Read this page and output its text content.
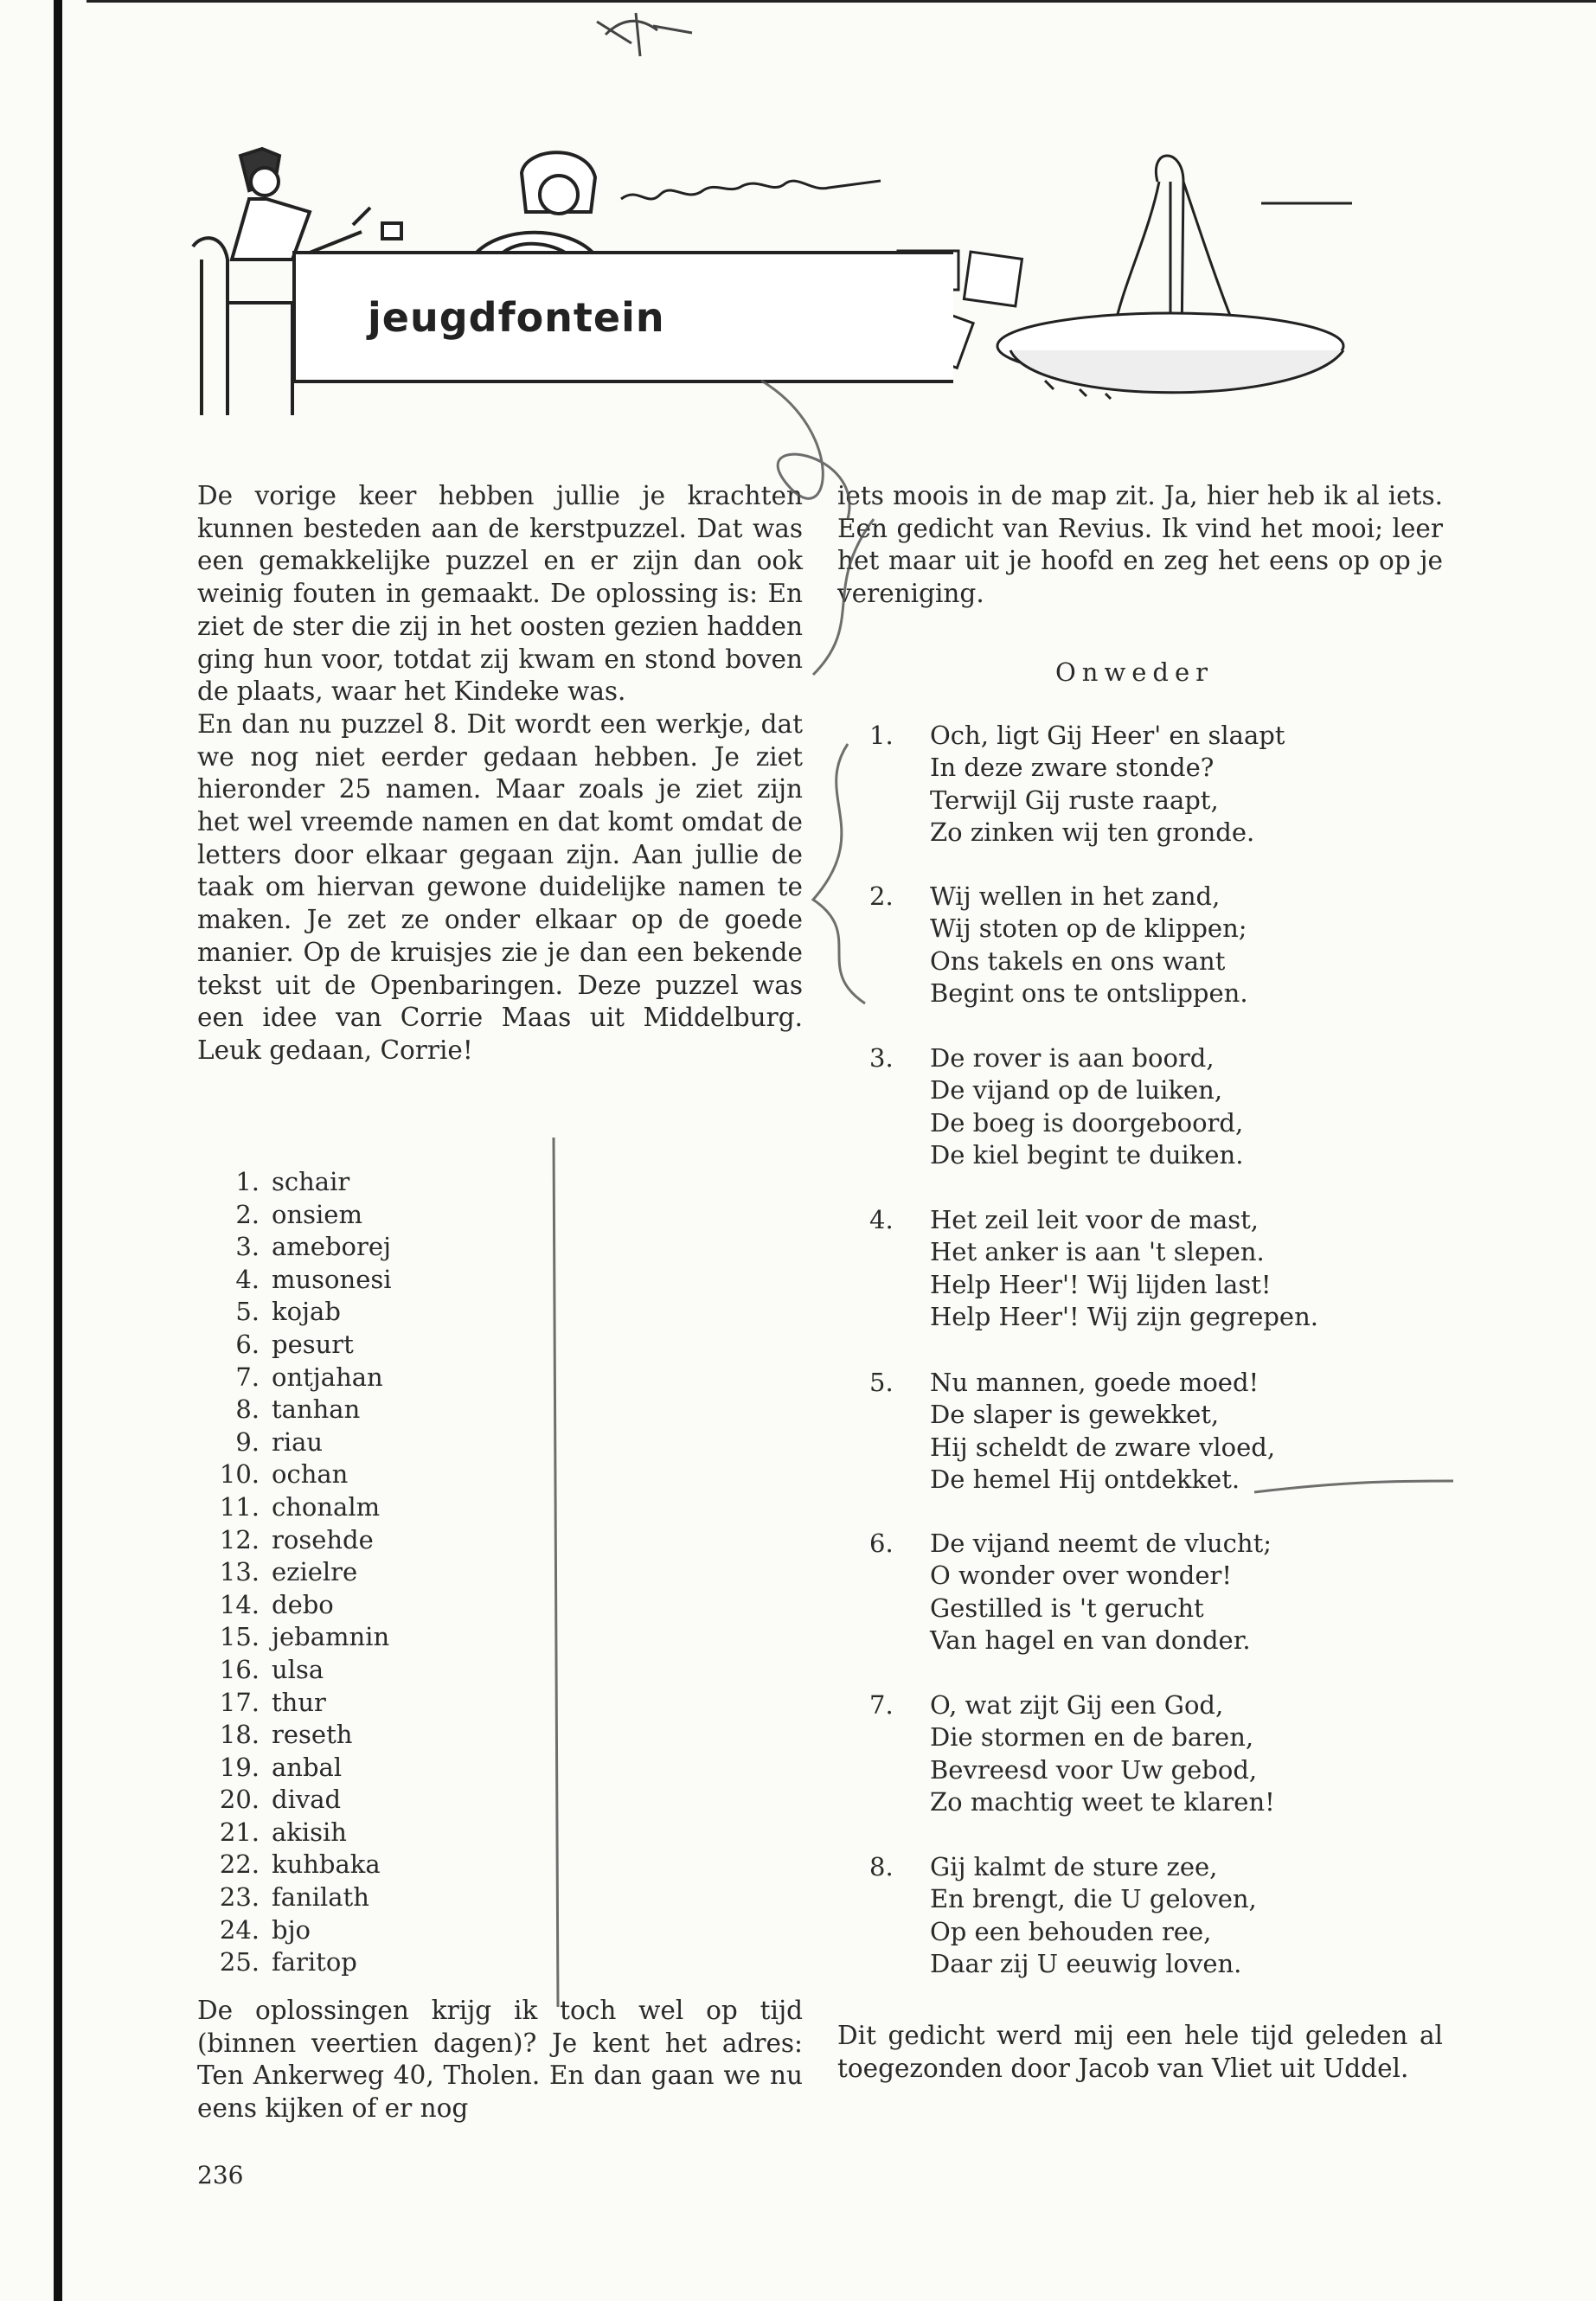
jeugdfontein

De vorige keer hebben jullie je krachten kunnen besteden aan de kerstpuzzel. Dat was een gemakkelijke puzzel en er zijn dan ook weinig fouten in gemaakt. De oplossing is: En ziet de ster die zij in het oosten gezien hadden ging hun voor, totdat zij kwam en stond boven de plaats, waar het Kindeke was.

En dan nu puzzel 8. Dit wordt een werkje, dat we nog niet eerder gedaan hebben. Je ziet hieronder 25 namen. Maar zoals je ziet zijn het wel vreemde namen en dat komt omdat de letters door elkaar gegaan zijn. Aan jullie de taak om hiervan gewone duidelijke namen te maken. Je zet ze onder elkaar op de goede manier. Op de kruisjes zie je dan een bekende tekst uit de Openbaringen. Deze puzzel was een idee van Corrie Maas uit Middelburg. Leuk gedaan, Corrie!

1. schair
2. onsiem
3. ameborej
4. musonesi
5. kojab
6. pesurt
7. ontjahan
8. tanhan
9. riau
10. ochan
11. chonalm
12. rosehde
13. ezielre
14. debo
15. jebamnin
16. ulsa
17. thur
18. reseth
19. anbal
20. divad
21. akisih
22. kuhbaka
23. fanilath
24. bjo
25. faritop
De oplossingen krijg ik toch wel op tijd (binnen veertien dagen)? Je kent het adres: Ten Ankerweg 40, Tholen. En dan gaan we nu eens kijken of er nog
236
iets moois in de map zit. Ja, hier heb ik al iets. Een gedicht van Revius. Ik vind het mooi; leer het maar uit je hoofd en zeg het eens op op je vereniging.
Onweder
1. Och, ligt Gij Heer' en slaapt
In deze zware stonde?
Terwijl Gij ruste raapt,
Zo zinken wij ten gronde.
2. Wij wellen in het zand,
Wij stoten op de klippen;
Ons takels en ons want
Begint ons te ontslippen.
3. De rover is aan boord,
De vijand op de luiken,
De boeg is doorgeboord,
De kiel begint te duiken.
4. Het zeil leit voor de mast,
Het anker is aan 't slepen.
Help Heer'! Wij lijden last!
Help Heer'! Wij zijn gegrepen.
5. Nu mannen, goede moed!
De slaper is gewekket,
Hij scheldt de zware vloed,
De hemel Hij ontdekket.
6. De vijand neemt de vlucht;
O wonder over wonder!
Gestilled is 't gerucht
Van hagel en van donder.
7. O, wat zijt Gij een God,
Die stormen en de baren,
Bevreesd voor Uw gebod,
Zo machtig weet te klaren!
8. Gij kalmt de sture zee,
En brengt, die U geloven,
Op een behouden ree,
Daar zij U eeuwig loven.
Dit gedicht werd mij een hele tijd geleden al toegezonden door Jacob van Vliet uit Uddel.
